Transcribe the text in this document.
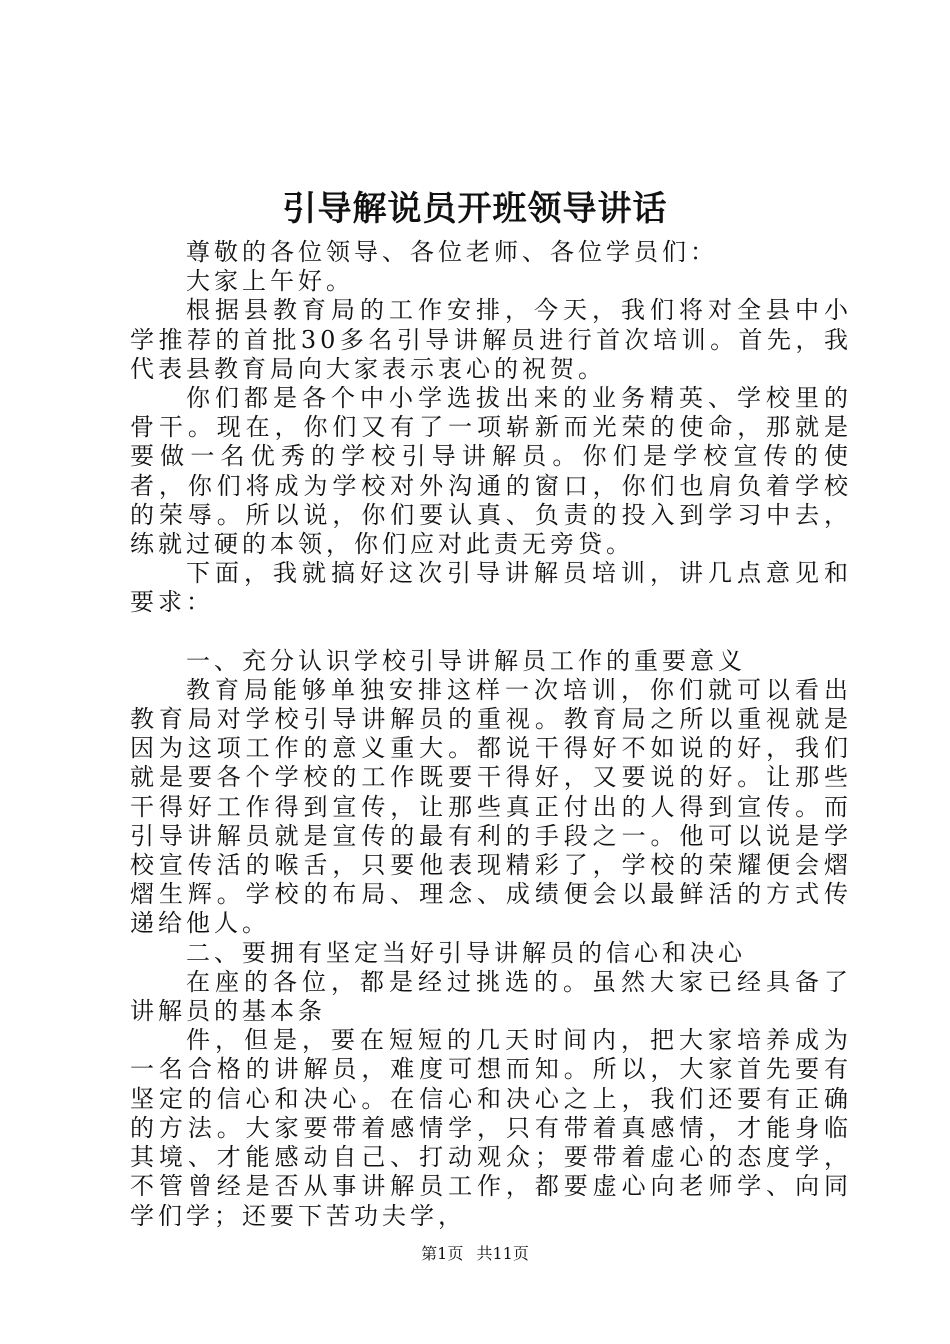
引导解说员开班领导讲话

尊敬的各位领导、各位老师、各位学员们：

大家上午好。

根据县教育局的工作安排，今天，我们将对全县中小学推荐的首批30多名引导讲解员进行首次培训。首先，我代表县教育局向大家表示衷心的祝贺。

你们都是各个中小学选拔出来的业务精英、学校里的骨干。现在，你们又有了一项崭新而光荣的使命，那就是要做一名优秀的学校引导讲解员。你们是学校宣传的使者，你们将成为学校对外沟通的窗口，你们也肩负着学校的荣辱。所以说，你们要认真、负责的投入到学习中去，练就过硬的本领，你们应对此责无旁贷。

下面，我就搞好这次引导讲解员培训，讲几点意见和要求：

一、充分认识学校引导讲解员工作的重要意义

教育局能够单独安排这样一次培训，你们就可以看出教育局对学校引导讲解员的重视。教育局之所以重视就是因为这项工作的意义重大。都说干得好不如说的好，我们就是要各个学校的工作既要干得好，又要说的好。让那些干得好工作得到宣传，让那些真正付出的人得到宣传。而引导讲解员就是宣传的最有利的手段之一。他可以说是学校宣传活的喉舌，只要他表现精彩了，学校的荣耀便会熠熠生辉。学校的布局、理念、成绩便会以最鲜活的方式传递给他人。

二、要拥有坚定当好引导讲解员的信心和决心

在座的各位，都是经过挑选的。虽然大家已经具备了讲解员的基本条

件，但是，要在短短的几天时间内，把大家培养成为一名合格的讲解员，难度可想而知。所以，大家首先要有坚定的信心和决心。在信心和决心之上，我们还要有正确的方法。大家要带着感情学，只有带着真感情，才能身临其境、才能感动自己、打动观众；要带着虚心的态度学，不管曾经是否从事讲解员工作，都要虚心向老师学、向同学们学；还要下苦功夫学，

第1页 共11页
